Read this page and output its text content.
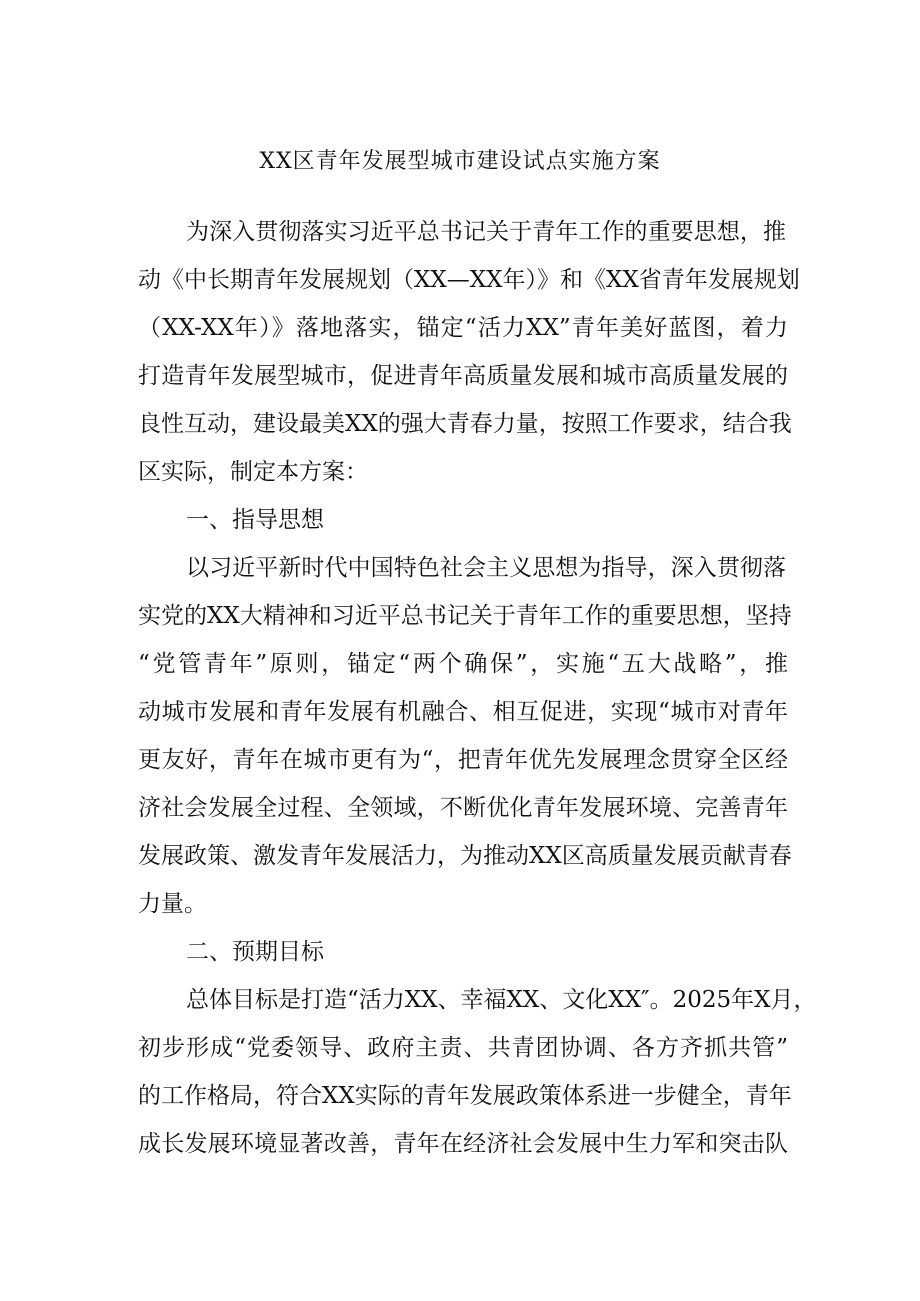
XX区青年发展型城市建设试点实施方案
为深入贯彻落实习近平总书记关于青年工作的重要思想，推
动《中长期青年发展规划（XX—XX年）》和《XX省青年发展规划
（XX-XX年）》落地落实，锚定“活力XX”青年美好蓝图，着力
打造青年发展型城市，促进青年高质量发展和城市高质量发展的
良性互动，建设最美XX的强大青春力量，按照工作要求，结合我
区实际，制定本方案：
一、指导思想
以习近平新时代中国特色社会主义思想为指导，深入贯彻落
实党的XX大精神和习近平总书记关于青年工作的重要思想，坚持
“党管青年”原则，锚定“两个确保”，实施“五大战略”，推
动城市发展和青年发展有机融合、相互促进，实现“城市对青年
更友好，青年在城市更有为“，把青年优先发展理念贯穿全区经
济社会发展全过程、全领域，不断优化青年发展环境、完善青年
发展政策、激发青年发展活力，为推动XX区高质量发展贡献青春
力量。
二、预期目标
总体目标是打造“活力XX、幸福XX、文化XX″。2025年X月，
初步形成“党委领导、政府主责、共青团协调、各方齐抓共管”
的工作格局，符合XX实际的青年发展政策体系进一步健全，青年
成长发展环境显著改善，青年在经济社会发展中生力军和突击队
